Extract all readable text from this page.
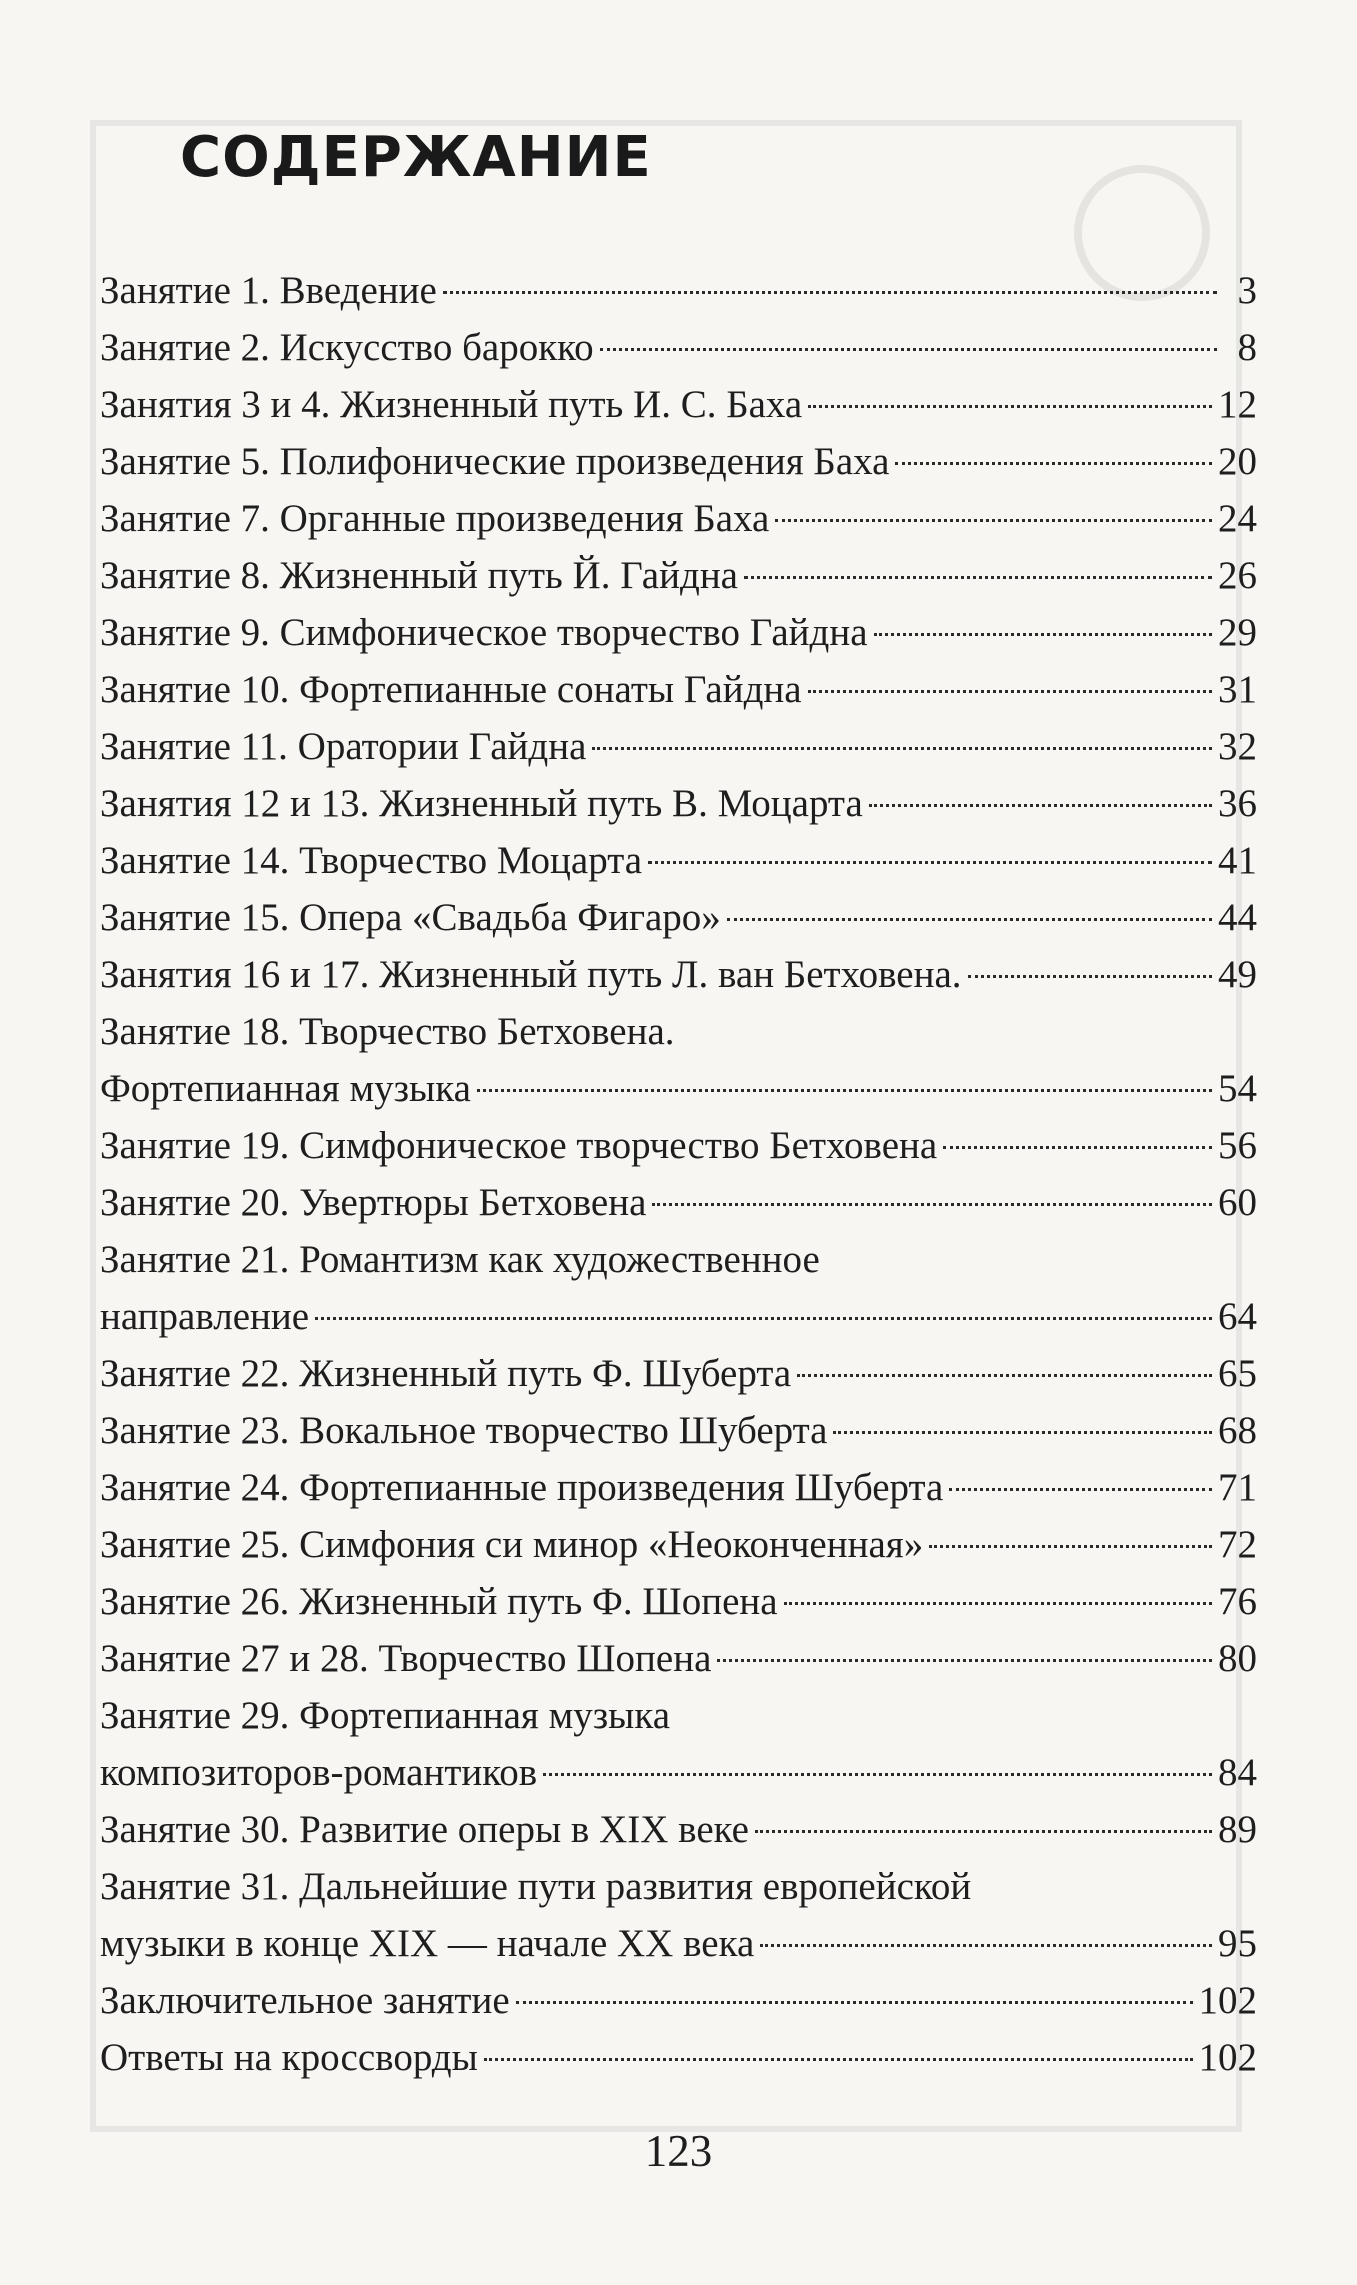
СОДЕРЖАНИЕ
Занятие 1. Введение	3
Занятие 2. Искусство барокко	8
Занятия 3 и 4. Жизненный путь И. С. Баха	12
Занятие 5. Полифонические произведения Баха	20
Занятие 7. Органные произведения Баха	24
Занятие 8. Жизненный путь Й. Гайдна	26
Занятие 9. Симфоническое творчество Гайдна	29
Занятие 10. Фортепианные сонаты Гайдна	31
Занятие 11. Оратории Гайдна	32
Занятия 12 и 13. Жизненный путь В. Моцарта	36
Занятие 14. Творчество Моцарта	41
Занятие 15. Опера «Свадьба Фигаро»	44
Занятия 16 и 17. Жизненный путь Л. ван Бетховена.	49
Занятие 18. Творчество Бетховена.
Фортепианная музыка	54
Занятие 19. Симфоническое творчество Бетховена	56
Занятие 20. Увертюры Бетховена	60
Занятие 21. Романтизм как художественное
направление	64
Занятие 22. Жизненный путь Ф. Шуберта	65
Занятие 23. Вокальное творчество Шуберта	68
Занятие 24. Фортепианные произведения Шуберта	71
Занятие 25. Симфония си минор «Неоконченная»	72
Занятие 26. Жизненный путь Ф. Шопена	76
Занятие 27 и 28. Творчество Шопена	80
Занятие 29. Фортепианная музыка
композиторов-романтиков	84
Занятие 30. Развитие оперы в XIX веке	89
Занятие 31. Дальнейшие пути развития европейской
музыки в конце XIX — начале XX века	95
Заключительное занятие	102
Ответы на кроссворды	102
123
